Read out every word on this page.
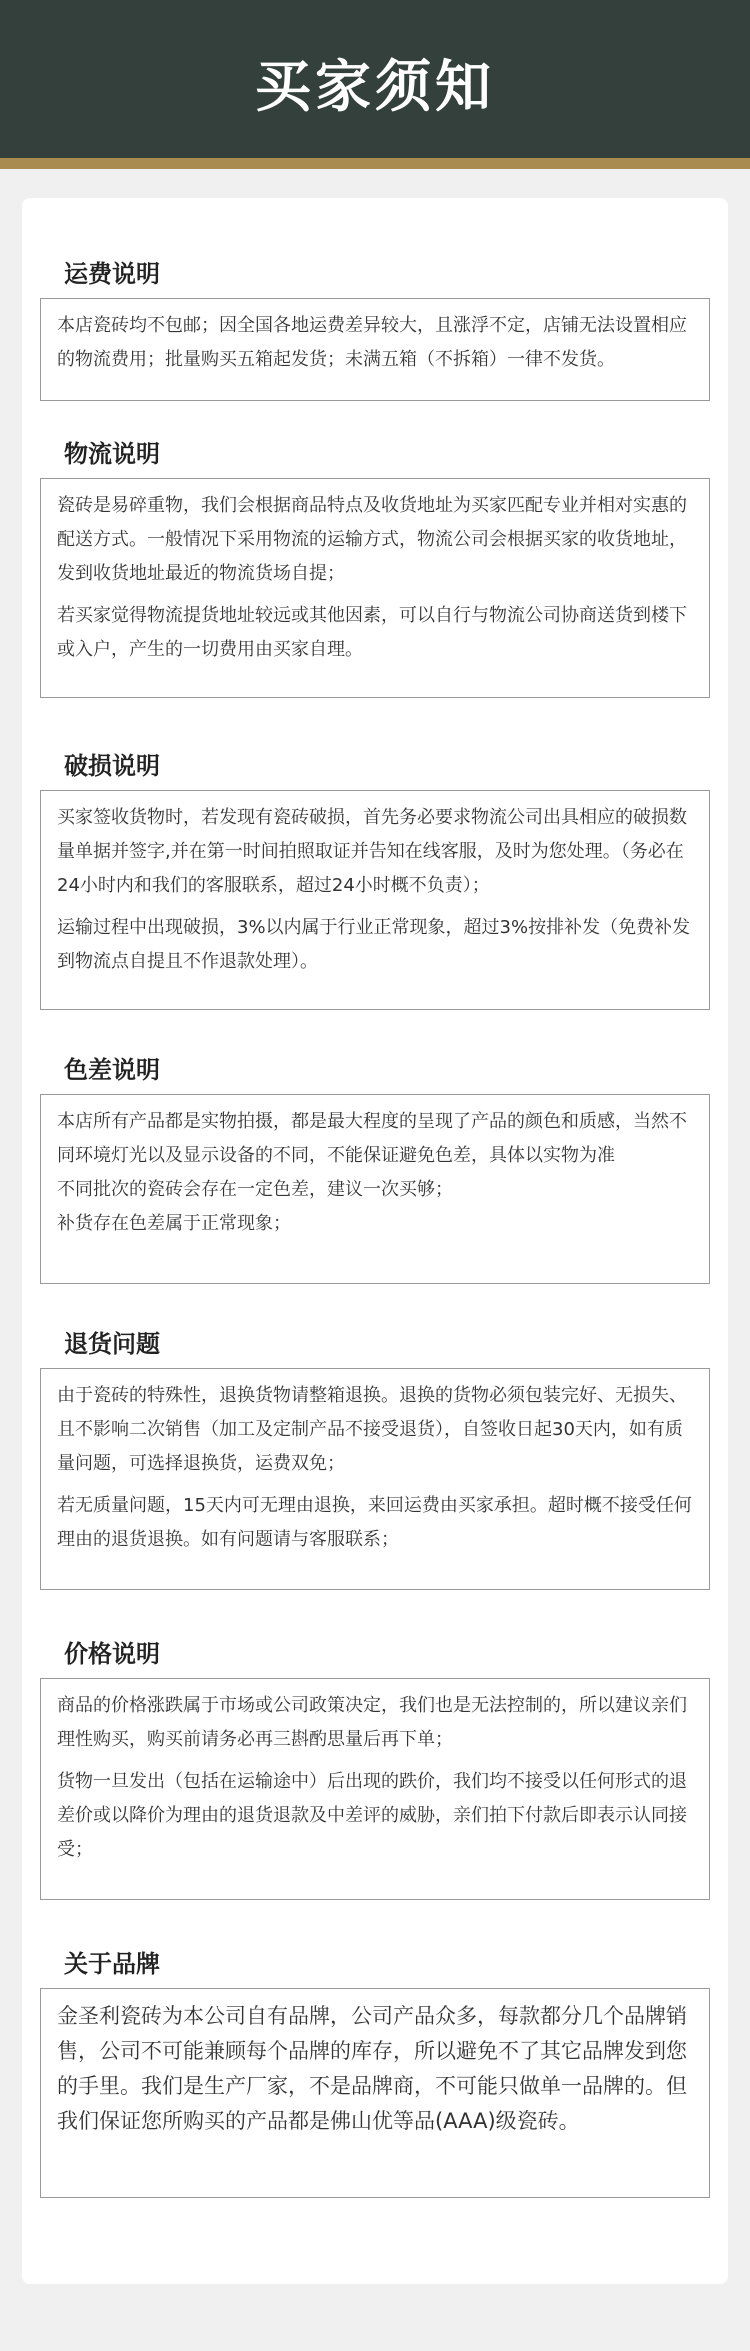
买家须知
运费说明

本店瓷砖均不包邮；因全国各地运费差异较大，且涨浮不定，店铺无法设置相应的物流费用；批量购买五箱起发货；未满五箱（不拆箱）一律不发货。

物流说明

瓷砖是易碎重物，我们会根据商品特点及收货地址为买家匹配专业并相对实惠的配送方式。一般情况下采用物流的运输方式，物流公司会根据买家的收货地址，发到收货地址最近的物流货场自提；

若买家觉得物流提货地址较远或其他因素，可以自行与物流公司协商送货到楼下或入户，产生的一切费用由买家自理。

破损说明

买家签收货物时，若发现有瓷砖破损，首先务必要求物流公司出具相应的破损数量单据并签字,并在第一时间拍照取证并告知在线客服，及时为您处理。（务必在24小时内和我们的客服联系，超过24小时概不负责）；

运输过程中出现破损，3%以内属于行业正常现象，超过3%按排补发（免费补发到物流点自提且不作退款处理）。

色差说明

本店所有产品都是实物拍摄，都是最大程度的呈现了产品的颜色和质感，当然不同环境灯光以及显示设备的不同，不能保证避免色差，具体以实物为准

不同批次的瓷砖会存在一定色差，建议一次买够；

补货存在色差属于正常现象；

退货问题

由于瓷砖的特殊性，退换货物请整箱退换。退换的货物必须包装完好、无损失、且不影响二次销售（加工及定制产品不接受退货），自签收日起30天内，如有质量问题，可选择退换货，运费双免；

若无质量问题，15天内可无理由退换，来回运费由买家承担。超时概不接受任何理由的退货退换。如有问题请与客服联系；

价格说明

商品的价格涨跌属于市场或公司政策决定，我们也是无法控制的，所以建议亲们理性购买，购买前请务必再三斟酌思量后再下单；

货物一旦发出（包括在运输途中）后出现的跌价，我们均不接受以任何形式的退差价或以降价为理由的退货退款及中差评的威胁，亲们拍下付款后即表示认同接受；

关于品牌

金圣利瓷砖为本公司自有品牌，公司产品众多，每款都分几个品牌销售，公司不可能兼顾每个品牌的库存，所以避免不了其它品牌发到您的手里。我们是生产厂家，不是品牌商，不可能只做单一品牌的。但我们保证您所购买的产品都是佛山优等品(AAA)级瓷砖。
